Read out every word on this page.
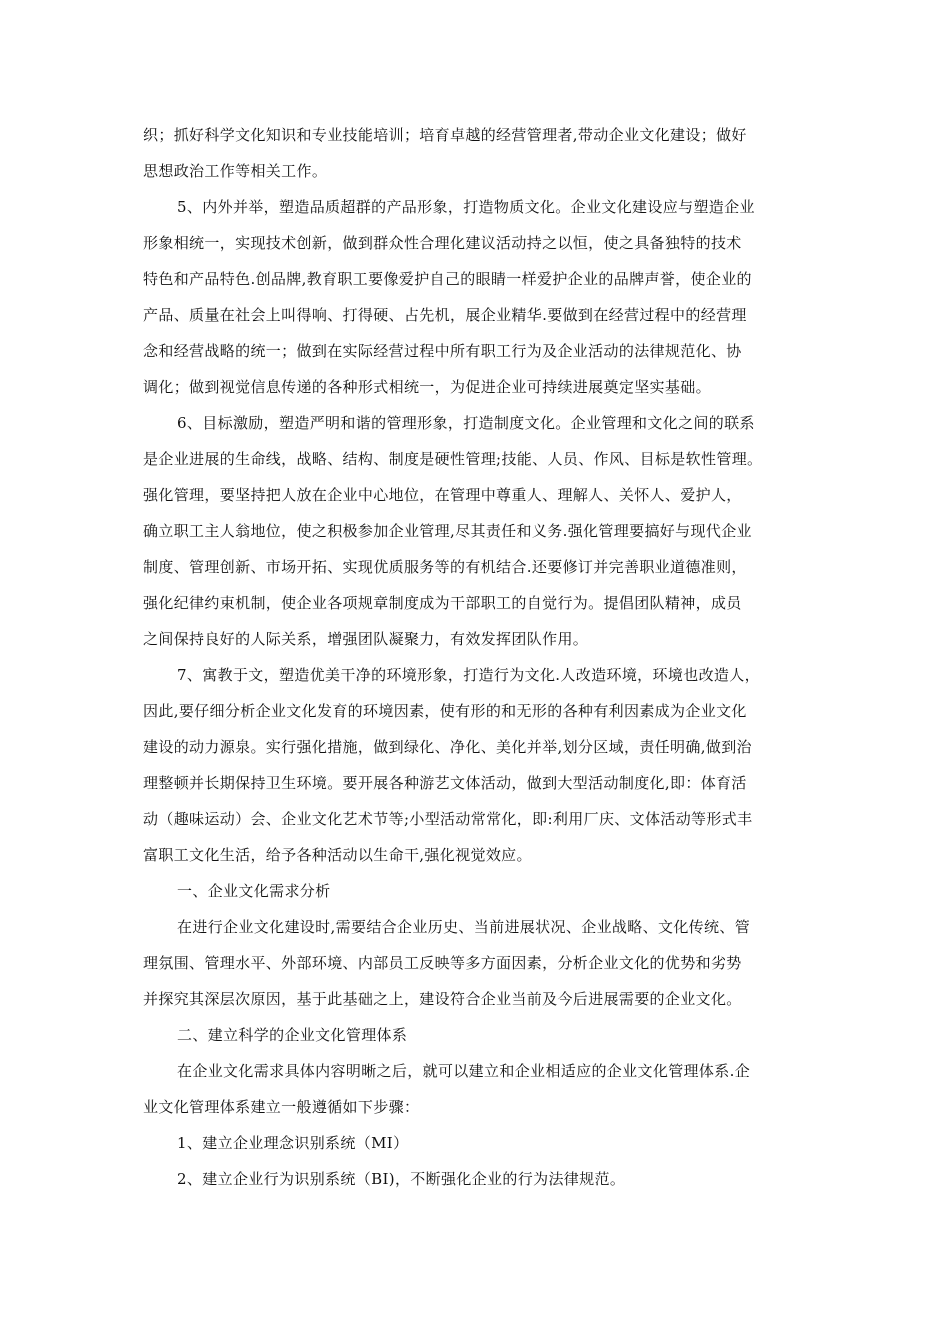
织；抓好科学文化知识和专业技能培训；培育卓越的经营管理者,带动企业文化建设；做好
思想政治工作等相关工作。
5、内外并举，塑造品质超群的产品形象，打造物质文化。企业文化建设应与塑造企业
形象相统一，实现技术创新，做到群众性合理化建议活动持之以恒，使之具备独特的技术
特色和产品特色.创品牌,教育职工要像爱护自己的眼睛一样爱护企业的品牌声誉，使企业的
产品、质量在社会上叫得响、打得硬、占先机，展企业精华.要做到在经营过程中的经营理
念和经营战略的统一；做到在实际经营过程中所有职工行为及企业活动的法律规范化、协
调化；做到视觉信息传递的各种形式相统一，为促进企业可持续进展奠定坚实基础。
6、目标激励，塑造严明和谐的管理形象，打造制度文化。企业管理和文化之间的联系
是企业进展的生命线，战略、结构、制度是硬性管理;技能、人员、作风、目标是软性管理。
强化管理，要坚持把人放在企业中心地位，在管理中尊重人、理解人、关怀人、爱护人，
确立职工主人翁地位，使之积极参加企业管理,尽其责任和义务.强化管理要搞好与现代企业
制度、管理创新、市场开拓、实现优质服务等的有机结合.还要修订并完善职业道德准则，
强化纪律约束机制，使企业各项规章制度成为干部职工的自觉行为。提倡团队精神，成员
之间保持良好的人际关系，增强团队凝聚力，有效发挥团队作用。
7、寓教于文，塑造优美干净的环境形象，打造行为文化.人改造环境，环境也改造人，
因此,要仔细分析企业文化发育的环境因素，使有形的和无形的各种有利因素成为企业文化
建设的动力源泉。实行强化措施，做到绿化、净化、美化并举,划分区域，责任明确,做到治
理整顿并长期保持卫生环境。要开展各种游艺文体活动，做到大型活动制度化,即：体育活
动（趣味运动）会、企业文化艺术节等;小型活动常常化，即:利用厂庆、文体活动等形式丰
富职工文化生活，给予各种活动以生命干,强化视觉效应。
一、企业文化需求分析
在进行企业文化建设时,需要结合企业历史、当前进展状况、企业战略、文化传统、管
理氛围、管理水平、外部环境、内部员工反映等多方面因素，分析企业文化的优势和劣势
并探究其深层次原因，基于此基础之上，建设符合企业当前及今后进展需要的企业文化。
二、建立科学的企业文化管理体系
在企业文化需求具体内容明晰之后，就可以建立和企业相适应的企业文化管理体系.企
业文化管理体系建立一般遵循如下步骤：
1、建立企业理念识别系统（MI）
2、建立企业行为识别系统（BI)，不断强化企业的行为法律规范。
